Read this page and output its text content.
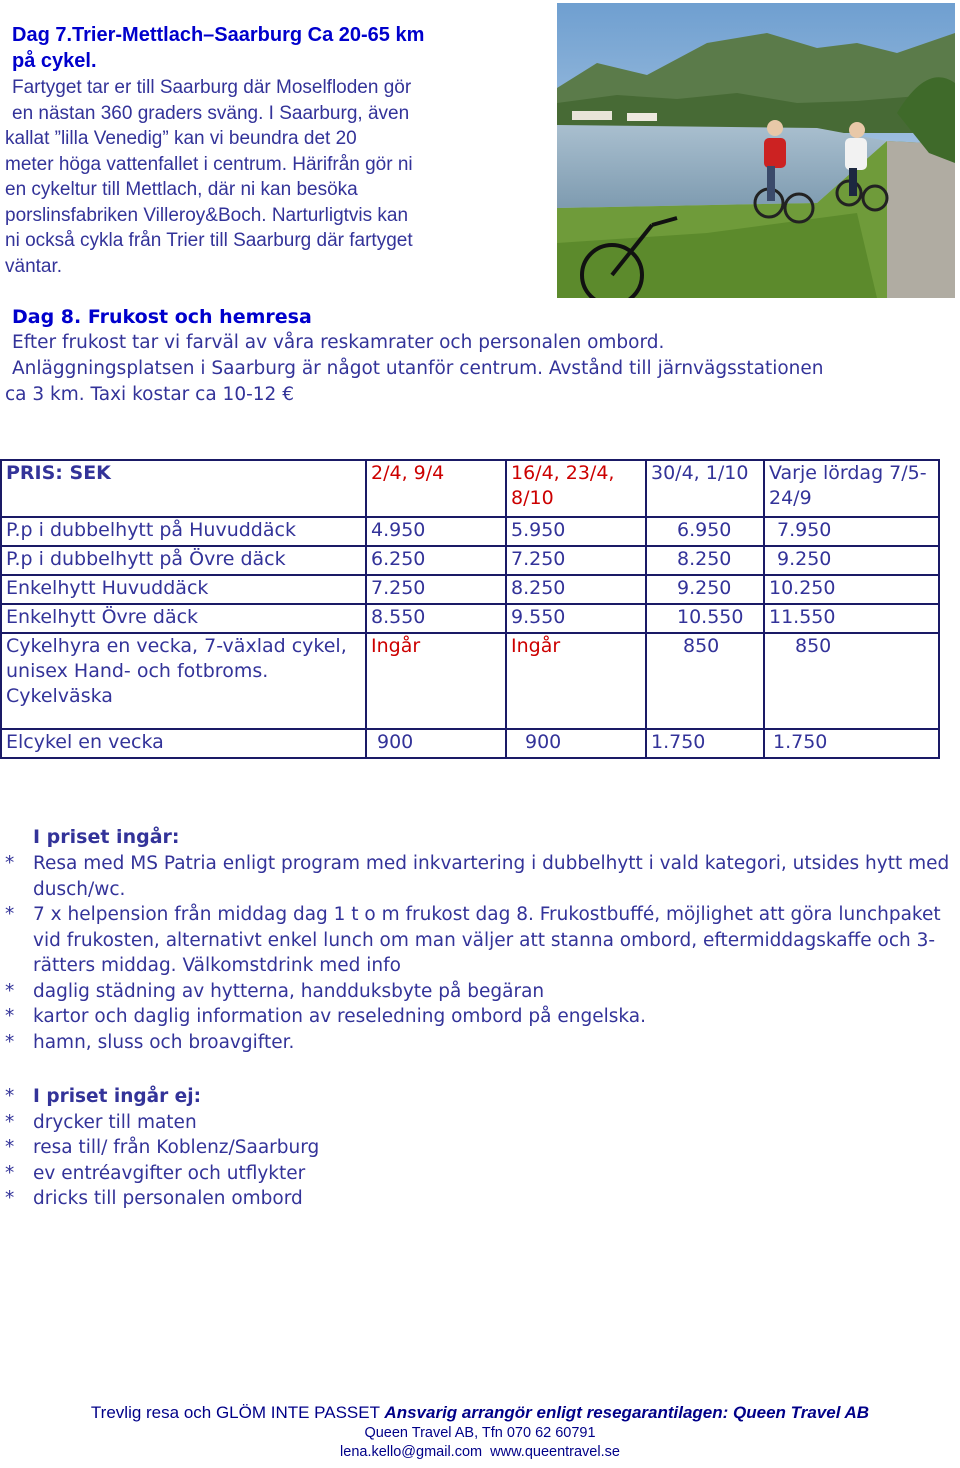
Dag 7.Trier-Mettlach–Saarburg Ca 20-65 km
på cykel.
Fartyget tar er till Saarburg där Moselfloden gör
en nästan 360 graders sväng. I Saarburg, även
kallat ”lilla Venedig” kan vi beundra det 20
meter höga vattenfallet i centrum. Härifrån gör ni
en cykeltur till Mettlach, där ni kan besöka
porslinsfabriken Villeroy&Boch. Narturligtvis kan
ni också cykla från Trier till Saarburg där fartyget
väntar.
Dag 8. Frukost och hemresa
Efter frukost tar vi farväl av våra reskamrater och personalen ombord.
Anläggningsplatsen i Saarburg är något utanför centrum. Avstånd till järnvägsstationen
ca 3 km. Taxi kostar ca 10-12 €
PRIS: SEK	2/4, 9/4	16/4, 23/4, 8/10	30/4, 1/10	Varje lördag 7/5-24/9
P.p i dubbelhytt på Huvuddäck	4.950	5.950	6.950	7.950
P.p i dubbelhytt på Övre däck	6.250	7.250	8.250	9.250
Enkelhytt Huvuddäck	7.250	8.250	9.250	10.250
Enkelhytt Övre däck	8.550	9.550	10.550	11.550
Cykelhyra en vecka, 7-växlad cykel, unisex Hand- och fotbroms. Cykelväska	Ingår	Ingår	850	850
Elcykel en vecka	900	900	1.750	1.750
I priset ingår:
*	Resa med MS Patria enligt program med inkvartering i dubbelhytt i vald kategori, utsides hytt med dusch/wc.
*	7 x helpension från middag dag 1 t o m frukost dag 8. Frukostbuffé, möjlighet att göra lunchpaket vid frukosten, alternativt enkel lunch om man väljer att stanna ombord, eftermiddagskaffe och 3-rätters middag. Välkomstdrink med info
*	daglig städning av hytterna, handduksbyte på begäran
*	kartor och daglig information av reseledning ombord på engelska.
*	hamn, sluss och broavgifter.
*	I priset ingår ej:
*	drycker till maten
*	resa till/ från Koblenz/Saarburg
*	ev entréavgifter och utflykter
*	dricks till personalen ombord
Trevlig resa och GLÖM INTE PASSET Ansvarig arrangör enligt resegarantilagen: Queen Travel AB
Queen Travel AB, Tfn 070 62 60791
lena.kello@gmail.com www.queentravel.se
